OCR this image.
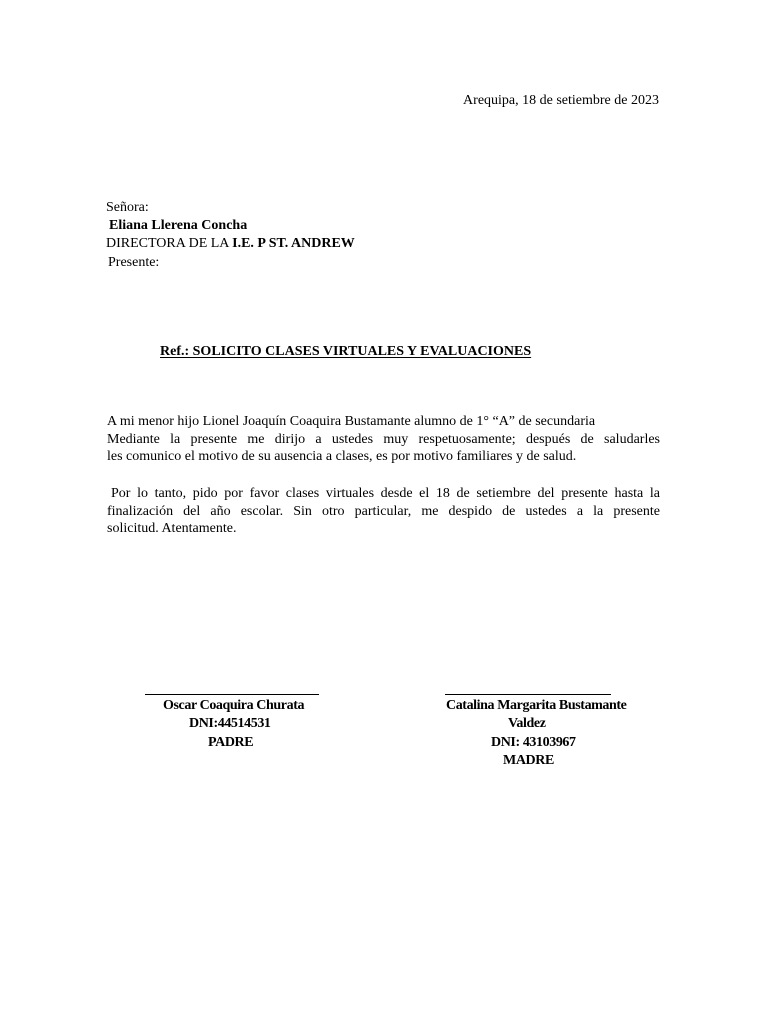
Arequipa, 18 de setiembre de 2023
Señora:
Eliana Llerena Concha
DIRECTORA DE LA I.E. P ST. ANDREW
Presente:
Ref.: SOLICITO CLASES VIRTUALES Y EVALUACIONES
A mi menor hijo Lionel Joaquín Coaquira Bustamante alumno de 1° “A” de secundaria
Mediante la presente me dirijo a ustedes muy respetuosamente; después de saludarles
les comunico el motivo de su ausencia a clases, es por motivo familiares y de salud.
Por lo tanto, pido por favor clases virtuales desde el 18 de setiembre del presente hasta la
finalización del año escolar. Sin otro particular, me despido de ustedes a la presente
solicitud. Atentamente.
Oscar Coaquira Churata
DNI:44514531
PADRE
Catalina Margarita Bustamante
Valdez
DNI: 43103967
MADRE
